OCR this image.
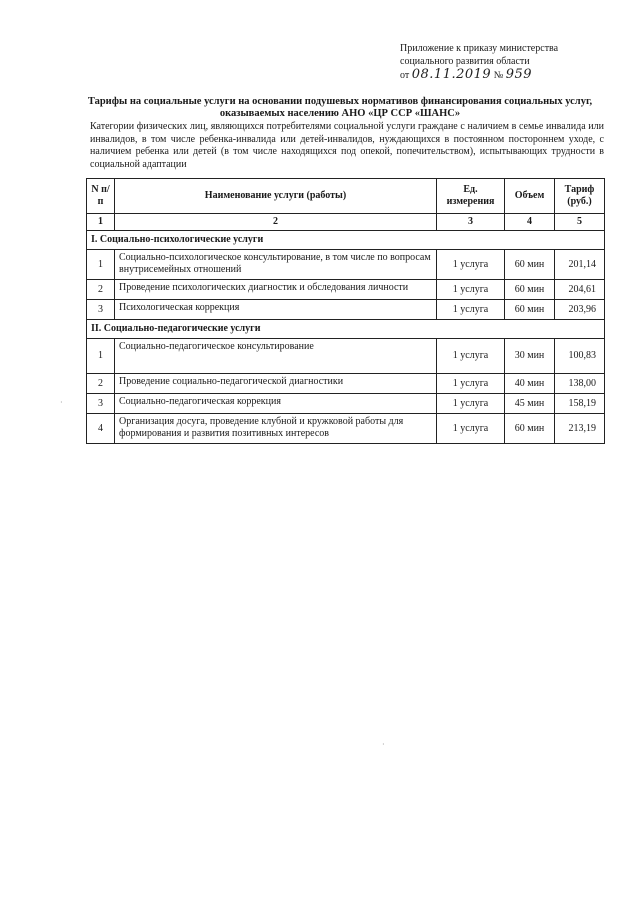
Приложение к приказу министерства
социального развития области
от 08.11.2019 № 959
Тарифы на социальные услуги на основании подушевых нормативов финансирования социальных услуг, оказываемых населению АНО «ЦР ССР «ШАНС»
Категории физических лиц, являющихся потребителями социальной услуги граждане с наличием в семье инвалида или инвалидов, в том числе ребенка-инвалида или детей-инвалидов, нуждающихся в постоянном постороннем уходе, с наличием ребенка или детей (в том числе находящихся под опекой, попечительством), испытывающих трудности в социальной адаптации
N п/п	Наименование услуги (работы)	Ед. измерения	Объем	Тариф (руб.)
1	2	3	4	5
I. Социально-психологические услуги				
1	Социально-психологическое консультирование, в том числе по вопросам внутрисемейных отношений	1 услуга	60 мин	201,14
2	Проведение психологических диагностик и обследования личности	1 услуга	60 мин	204,61
3	Психологическая коррекция	1 услуга	60 мин	203,96
II. Социально-педагогические услуги				
1	Социально-педагогическое консультирование	1 услуга	30 мин	100,83
2	Проведение социально-педагогической диагностики	1 услуга	40 мин	138,00
3	Социально-педагогическая коррекция	1 услуга	45 мин	158,19
4	Организация досуга, проведение клубной и кружковой работы для формирования и развития позитивных интересов	1 услуга	60 мин	213,19
·
·
